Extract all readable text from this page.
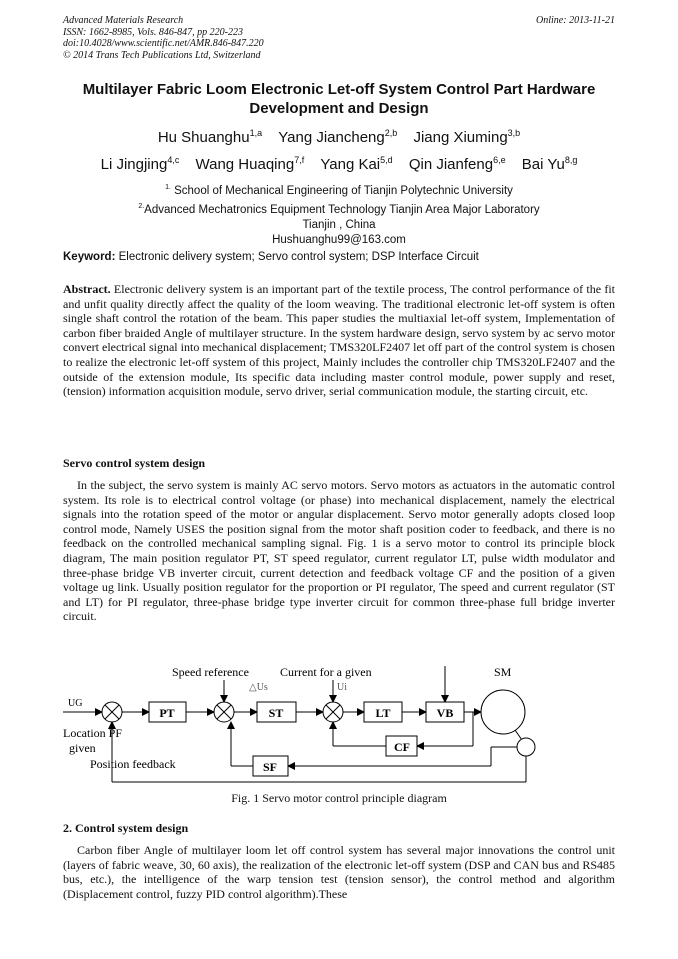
Advanced Materials Research
ISSN: 1662-8985, Vols. 846-847, pp 220-223
doi:10.4028/www.scientific.net/AMR.846-847.220
© 2014 Trans Tech Publications Ltd, Switzerland
Online: 2013-11-21
Multilayer Fabric Loom Electronic Let-off System Control Part Hardware
Development and Design
Hu Shuanghu$^{1,a}$ Yang Jiancheng$^{2,b}$ Jiang Xiuming$^{3,b}$
Li Jingjing$^{4,c}$ Wang Huaqing$^{7,f}$ Yang Kai$^{5,d}$ Qin Jianfeng$^{6,e}$ Bai Yu$^{8,g}$
$^{1.}$ School of Mechanical Engineering of Tianjin Polytechnic University
$^{2.}$Advanced Mechatronics Equipment Technology Tianjin Area Major Laboratory
Tianjin , China
Hushuanghu99@163.com
Keyword: Electronic delivery system; Servo control system; DSP Interface Circuit

Abstract. Electronic delivery system is an important part of the textile process, The control performance of the fit and unfit quality directly affect the quality of the loom weaving. The traditional electronic let-off system is often single shaft control the rotation of the beam. This paper studies the multiaxial let-off system, Implementation of carbon fiber braided Angle of multilayer structure. In the system hardware design, servo system by ac servo motor convert electrical signal into mechanical displacement; TMS320LF2407 let off part of the control system is chosen to realize the electronic let-off system of this project, Mainly includes the controller chip TMS320LF2407 and the outside of the extension module, Its specific data including master control module, power supply and reset, (tension) information acquisition module, servo driver, serial communication module, the starting circuit, etc.

Servo control system design

In the subject, the servo system is mainly AC servo motors. Servo motors as actuators in the automatic control system. Its role is to electrical control voltage (or phase) into mechanical displacement, namely the electrical signals into the rotation speed of the motor or angular displacement. Servo motor generally adopts closed loop control mode, Namely USES the position signal from the motor shaft position coder to feedback, and there is no feedback on the controlled mechanical sampling signal. Fig. 1 is a servo motor to control its principle block diagram, The main position regulator PT, ST speed regulator, current regulator LT, pulse width modulator and three-phase bridge VB inverter circuit, current detection and feedback voltage CF and the position of a given voltage ug link. Usually position regulator for the proportion or PI regulator, The speed and current regulator (ST and LT) for PI regulator, three-phase bridge type inverter circuit for common three-phase full bridge inverter circuit.

Speed reference	Current for a given	SM
UG
△Us	Ui
Location PF
given
Position feedback
PT	ST	LT	VB
CF
SF
Fig. 1 Servo motor control principle diagram
2. Control system design

Carbon fiber Angle of multilayer loom let off control system has several major innovations the control unit (layers of fabric weave, 30, 60 axis), the realization of the electronic let-off system (DSP and CAN bus and RS485 bus, etc.), the intelligence of the warp tension test (tension sensor), the control method and algorithm (Displacement control, fuzzy PID control algorithm).These
